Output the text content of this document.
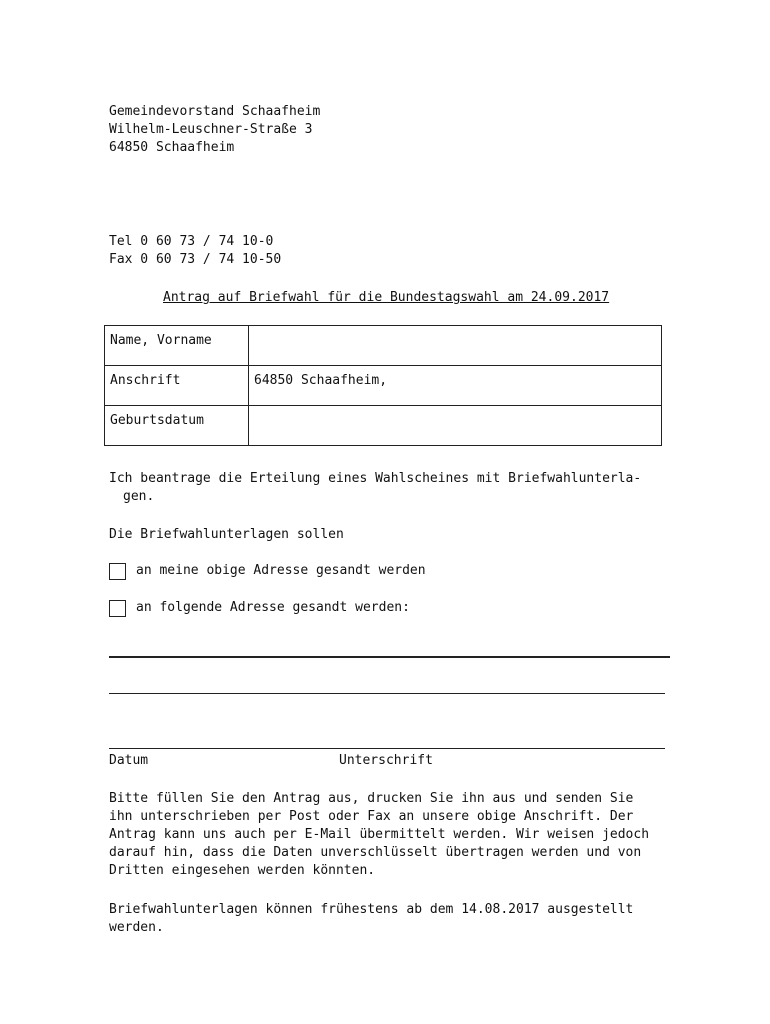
Gemeindevorstand Schaafheim
Wilhelm-Leuschner-Straße 3
64850 Schaafheim
Tel 0 60 73 / 74 10-0
Fax 0 60 73 / 74 10-50
Antrag auf Briefwahl für die Bundestagswahl am 24.09.2017
Name, Vorname	
Anschrift	64850 Schaafheim,
Geburtsdatum	
Ich beantrage die Erteilung eines Wahlscheines mit Briefwahlunterla-
gen.
Die Briefwahlunterlagen sollen
an meine obige Adresse gesandt werden
an folgende Adresse gesandt werden:
Datum	Unterschrift
Bitte füllen Sie den Antrag aus, drucken Sie ihn aus und senden Sie
ihn unterschrieben per Post oder Fax an unsere obige Anschrift. Der
Antrag kann uns auch per E-Mail übermittelt werden. Wir weisen jedoch
darauf hin, dass die Daten unverschlüsselt übertragen werden und von
Dritten eingesehen werden könnten.
Briefwahlunterlagen können frühestens ab dem 14.08.2017 ausgestellt
werden.
